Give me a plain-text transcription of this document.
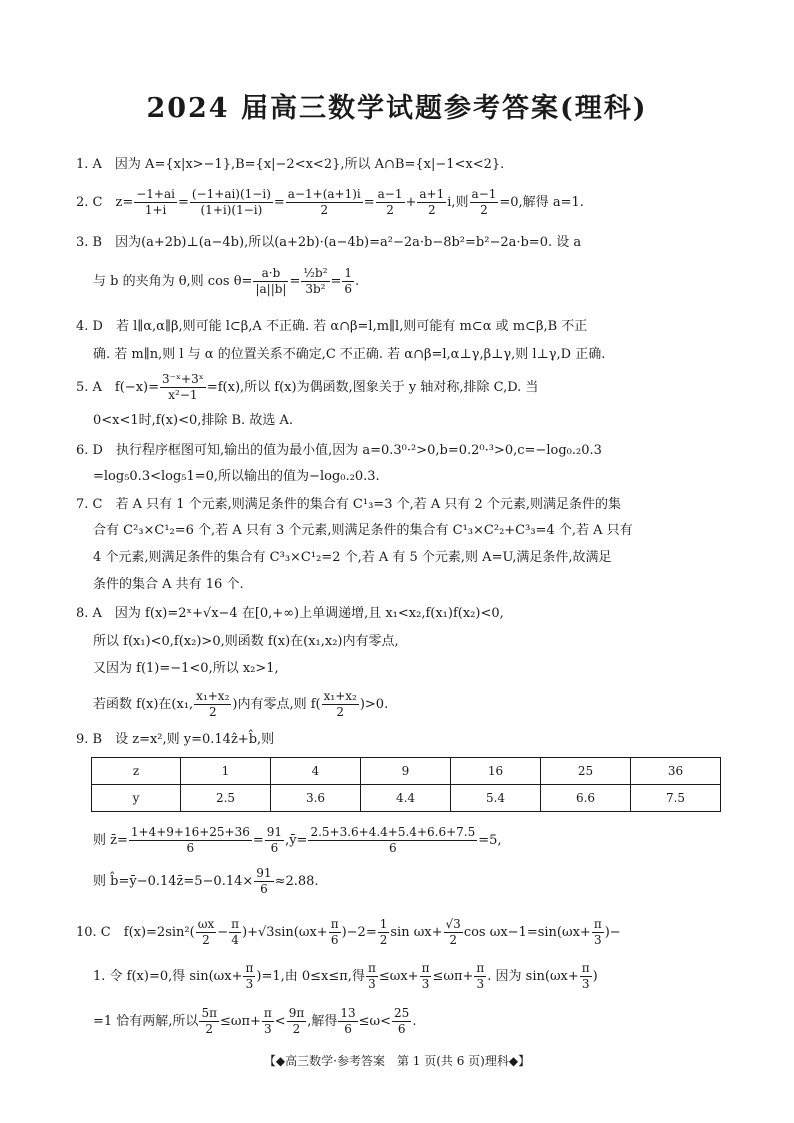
2024 届高三数学试题参考答案(理科)
1. A　因为 A={x|x>−1},B={x|−2<x<2},所以 A∩B={x|−1<x<2}.
2. C　$z= \frac{-1+ai}{1+i} = \frac{(-1+ai)(1-i)}{(1+i)(1-i)} = \frac{a-1+(a+1)i}{2} = \frac{a-1}{2} + \frac{a+1}{2} i$,则 $\frac{a-1}{2} =0$,解得 a=1.
3. B　因为(a+2b)⊥(a−4b),所以(a+2b)·(a−4b)=a²−2a·b−8b²=b²−2a·b=0. 设 a
与 b 的夹角为 θ,则 $\cos \theta= \frac{a\cdot b}{|a||b|} = \frac{\text{½b²}}{\text{3b²}} = \frac{1}{6}$ .
4. D　若 l∥α,α∥β,则可能 l⊂β,A 不正确. 若 α∩β=l,m∥l,则可能有 m⊂α 或 m⊂β,B 不正
确. 若 m∥n,则 l 与 α 的位置关系不确定,C 不正确. 若 α∩β=l,α⊥γ,β⊥γ,则 l⊥γ,D 正确.
5. A　$f(-x)= \frac{\text{3⁻ˣ+3ˣ}}{\text{x²−1}} =f(x)$,所以 f(x)为偶函数,图象关于 y 轴对称,排除 C,D. 当
0<x<1时,f(x)<0,排除 B. 故选 A.
6. D　执行程序框图可知,输出的值为最小值,因为 a=0.3⁰·²>0,b=0.2⁰·³>0,c=−log₀.₂0.3
=log₅0.3<log₅1=0,所以输出的值为−log₀.₂0.3.
7. C　若 A 只有 1 个元素,则满足条件的集合有 C¹₃=3 个,若 A 只有 2 个元素,则满足条件的集
合有 C²₃×C¹₂=6 个,若 A 只有 3 个元素,则满足条件的集合有 C¹₃×C²₂+C³₃=4 个,若 A 只有
4 个元素,则满足条件的集合有 C³₃×C¹₂=2 个,若 A 有 5 个元素,则 A=U,满足条件,故满足
条件的集合 A 共有 16 个.
8. A　因为 f(x)=2ˣ+√x−4 在[0,+∞)上单调递增,且 x₁<x₂,f(x₁)f(x₂)<0,
所以 f(x₁)<0,f(x₂)>0,则函数 f(x)在(x₁,x₂)内有零点,
又因为 f(1)=−1<0,所以 x₂>1,
若函数 f(x)在(x₁, $\frac{\text{x₁+x₂}}{2}$ )内有零点,则 $f( \frac{\text{x₁+x₂}}{2} )>0$.
9. B　设 z=x²,则 y=0.14ẑ+b̂,则
z	1	4	9	16	25	36
y	2.5	3.6	4.4	5.4	6.6	7.5
则 z̄= $\frac{1+4+9+16+25+36}{6} = \frac{91}{6}$ ,ȳ= $\frac{2.5+3.6+4.4+5.4+6.6+7.5}{6} =5$,
则 b̂=ȳ−0.14z̄=5−0.14× $\frac{91}{6} \approx 2.88$.
10. C　$f(x)=2\sin^2( \frac{\omega x}{2} - \frac{\pi}{4} )+√3\sin(\omega x+ \frac{\pi}{6} )-2= \frac{1}{2}$ $\sin \omega x+ \frac{√3}{2}$ $\cos \omega x-1=\sin(\omega x+ \frac{\pi}{3}$ )−
1. 令 f(x)=0,得 $\sin(\omega x+ \frac{\pi}{3} )=1$,由 0≤x≤π,得 $\frac{\pi}{3} \le\omega x+ \frac{\pi}{3} \le\omega\pi+ \frac{\pi}{3}$ . 因为 $\sin(\omega x+ \frac{\pi}{3}$ )
=1 恰有两解,所以 $\frac{5\pi}{2} \le\omega\pi+ \frac{\pi}{3} < \frac{9\pi}{2}$ ,解得 $\frac{13}{6} \le\omega< \frac{25}{6}$ .
【◆高三数学·参考答案　第 1 页(共 6 页)理科◆】
